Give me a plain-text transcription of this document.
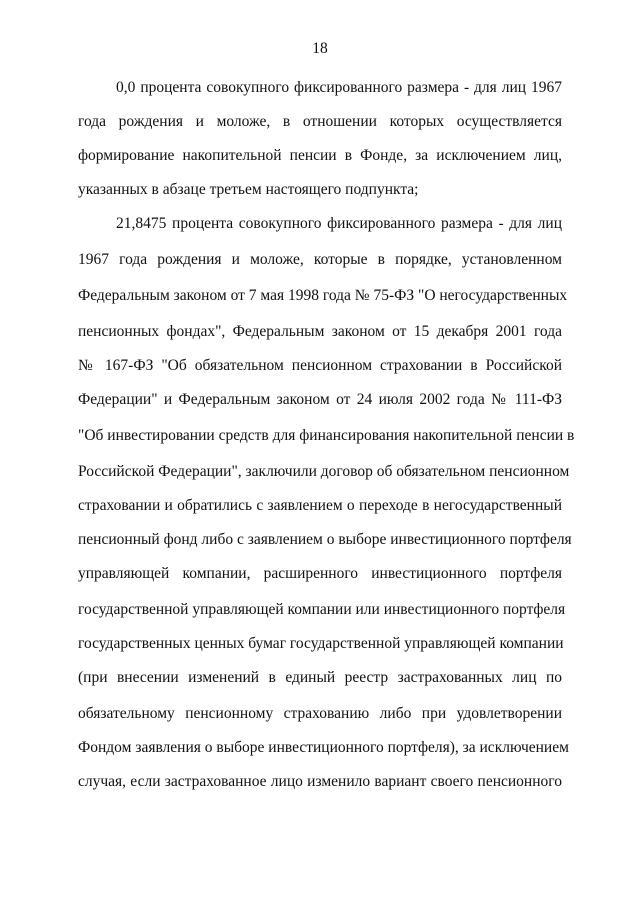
18
0,0 процента совокупного фиксированного размера - для лиц 1967
года рождения и моложе, в отношении которых осуществляется
формирование накопительной пенсии в Фонде, за исключением лиц,
указанных в абзаце третьем настоящего подпункта;
21,8475 процента совокупного фиксированного размера - для лиц
1967 года рождения и моложе, которые в порядке, установленном
Федеральным законом от 7 мая 1998 года № 75-ФЗ "О негосударственных
пенсионных фондах", Федеральным законом от 15 декабря 2001 года
№ 167-ФЗ "Об обязательном пенсионном страховании в Российской
Федерации" и Федеральным законом от 24 июля 2002 года № 111-ФЗ
"Об инвестировании средств для финансирования накопительной пенсии в
Российской Федерации", заключили договор об обязательном пенсионном
страховании и обратились с заявлением о переходе в негосударственный
пенсионный фонд либо с заявлением о выборе инвестиционного портфеля
управляющей компании, расширенного инвестиционного портфеля
государственной управляющей компании или инвестиционного портфеля
государственных ценных бумаг государственной управляющей компании
(при внесении изменений в единый реестр застрахованных лиц по
обязательному пенсионному страхованию либо при удовлетворении
Фондом заявления о выборе инвестиционного портфеля), за исключением
случая, если застрахованное лицо изменило вариант своего пенсионного
